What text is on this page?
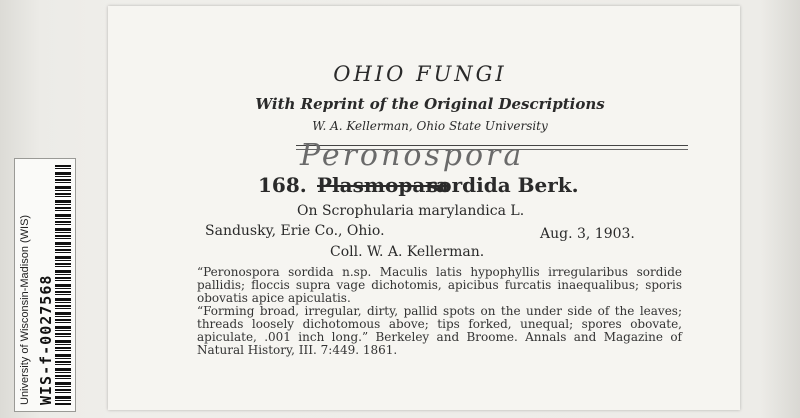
University of Wisconsin-Madison (WIS) WIS-f-0027568
OHIO FUNGI
With Reprint of the Original Descriptions
W. A. Kellerman, Ohio State University
Peronospora
168. Plasmopara
sordida Berk.
On Scrophularia marylandica L.
Sandusky, Erie Co., Ohio.	Aug. 3, 1903.
Coll. W. A. Kellerman.
“Peronospora sordida n.sp. Maculis latis hypophyllis irregularibus sordide pallidis; floccis supra vage dichotomis, apicibus furcatis inaequalibus; sporis obovatis apice apiculatis.
“Forming broad, irregular, dirty, pallid spots on the under side of the leaves; threads loosely dichotomous above; tips forked, unequal; spores obovate, apiculate, .001 inch long.” Berkeley and Broome. Annals and Magazine of Natural History, III. 7:449. 1861.
